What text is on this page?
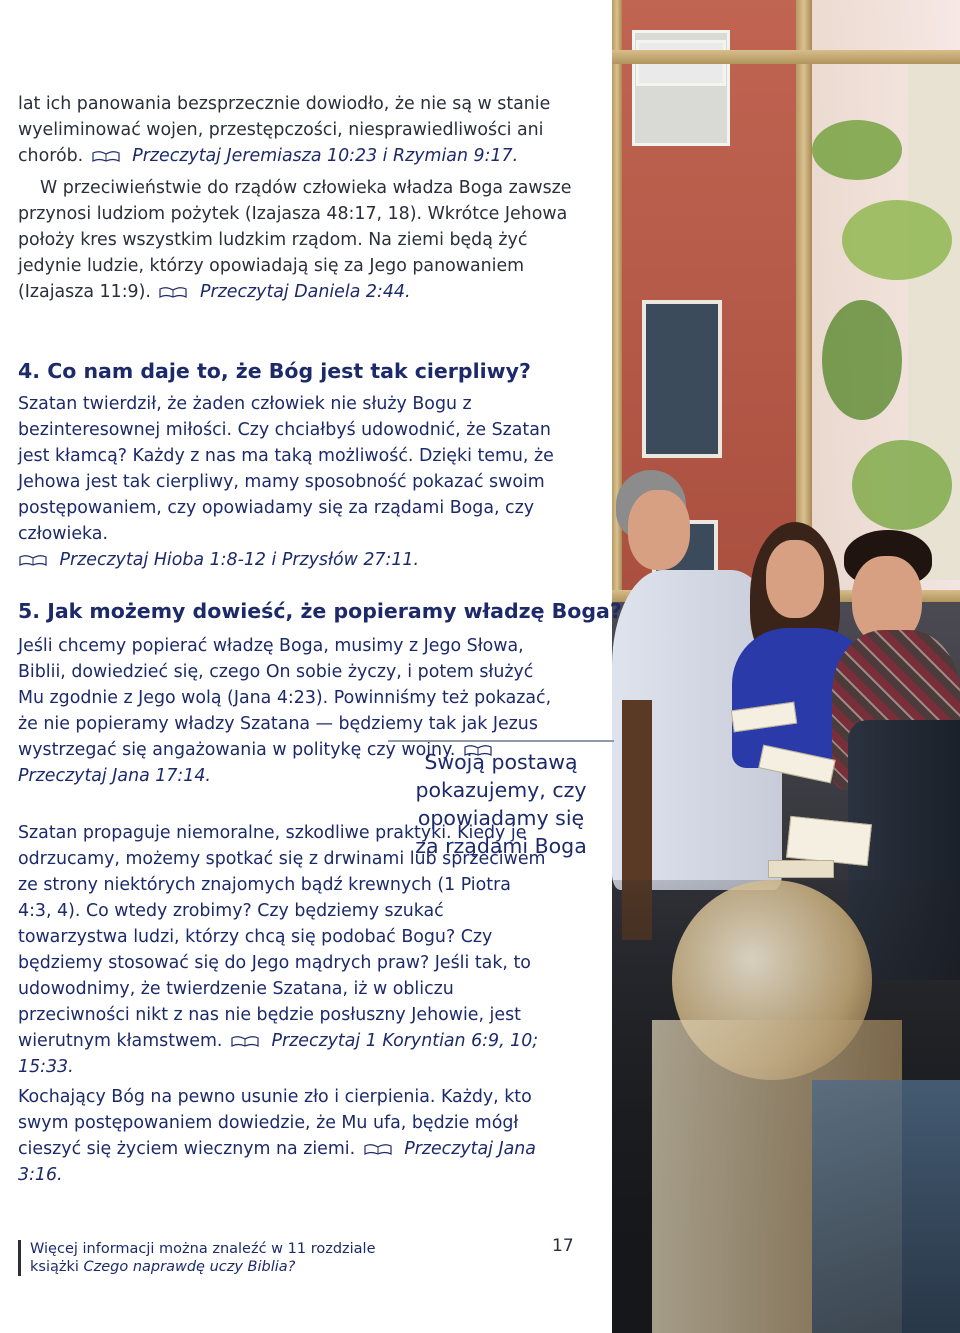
lat ich panowania bezsprzecznie dowiodło, że nie są w stanie
wyeliminować wojen, przestępczości, niesprawiedliwości ani
chorób.	Przeczytaj Jeremiasza 10:23 i Rzymian 9:17.

W przeciwieństwie do rządów człowieka władza Boga zawsze przynosi ludziom pożytek (Izajasza 48:17, 18). Wkrótce Jehowa położy kres wszystkim ludzkim rządom. Na ziemi będą żyć jedynie ludzie, którzy opowiadają się za Jego panowaniem (Izajasza 11:9).	Przeczytaj Daniela 2:44.

4. Co nam daje to, że Bóg jest tak cierpliwy?

Szatan twierdził, że żaden człowiek nie służy Bogu z bezinteresownej miłości. Czy chciałbyś udowodnić, że Szatan jest kłamcą? Każdy z nas ma taką możliwość. Dzięki temu, że Jehowa jest tak cierpliwy, mamy sposobność pokazać swoim postępowaniem, czy opowiadamy się za rządami Boga, czy człowieka.
Przeczytaj Hioba 1:8-12 i Przysłów 27:11.

5. Jak możemy dowieść, że popieramy władzę Boga?

Jeśli chcemy popierać władzę Boga, musimy z Jego Słowa, Biblii, dowiedzieć się, czego On sobie życzy, i potem służyć Mu zgodnie z Jego wolą (Jana 4:23). Powinniśmy też pokazać, że nie popieramy władzy Szatana — będziemy tak jak Jezus wystrzegać się angażowania w politykę czy wojny.  Przeczytaj Jana 17:14.

Szatan propaguje niemoralne, szkodliwe praktyki. Kiedy je odrzucamy, możemy spotkać się z drwinami lub sprzeciwem ze strony niektórych znajomych bądź krewnych (1 Piotra 4:3, 4). Co wtedy zrobimy? Czy będziemy szukać towarzystwa ludzi, którzy chcą się podobać Bogu? Czy będziemy stosować się do Jego mądrych praw? Jeśli tak, to udowodnimy, że twierdzenie Szatana, iż w obliczu przeciwności nikt z nas nie będzie posłuszny Jehowie, jest wierutnym kłamstwem.	Przeczytaj 1 Koryntian 6:9, 10; 15:33.

Kochający Bóg na pewno usunie zło i cierpienia. Każdy, kto swym postępowaniem dowiedzie, że Mu ufa, będzie mógł cieszyć się życiem wiecznym na ziemi.	Przeczytaj Jana 3:16.

Swoją postawą
pokazujemy, czy
opowiadamy się
za rządami Boga
Więcej informacji można znaleźć w 11 rozdziale
książki Czego naprawdę uczy Biblia?
17
